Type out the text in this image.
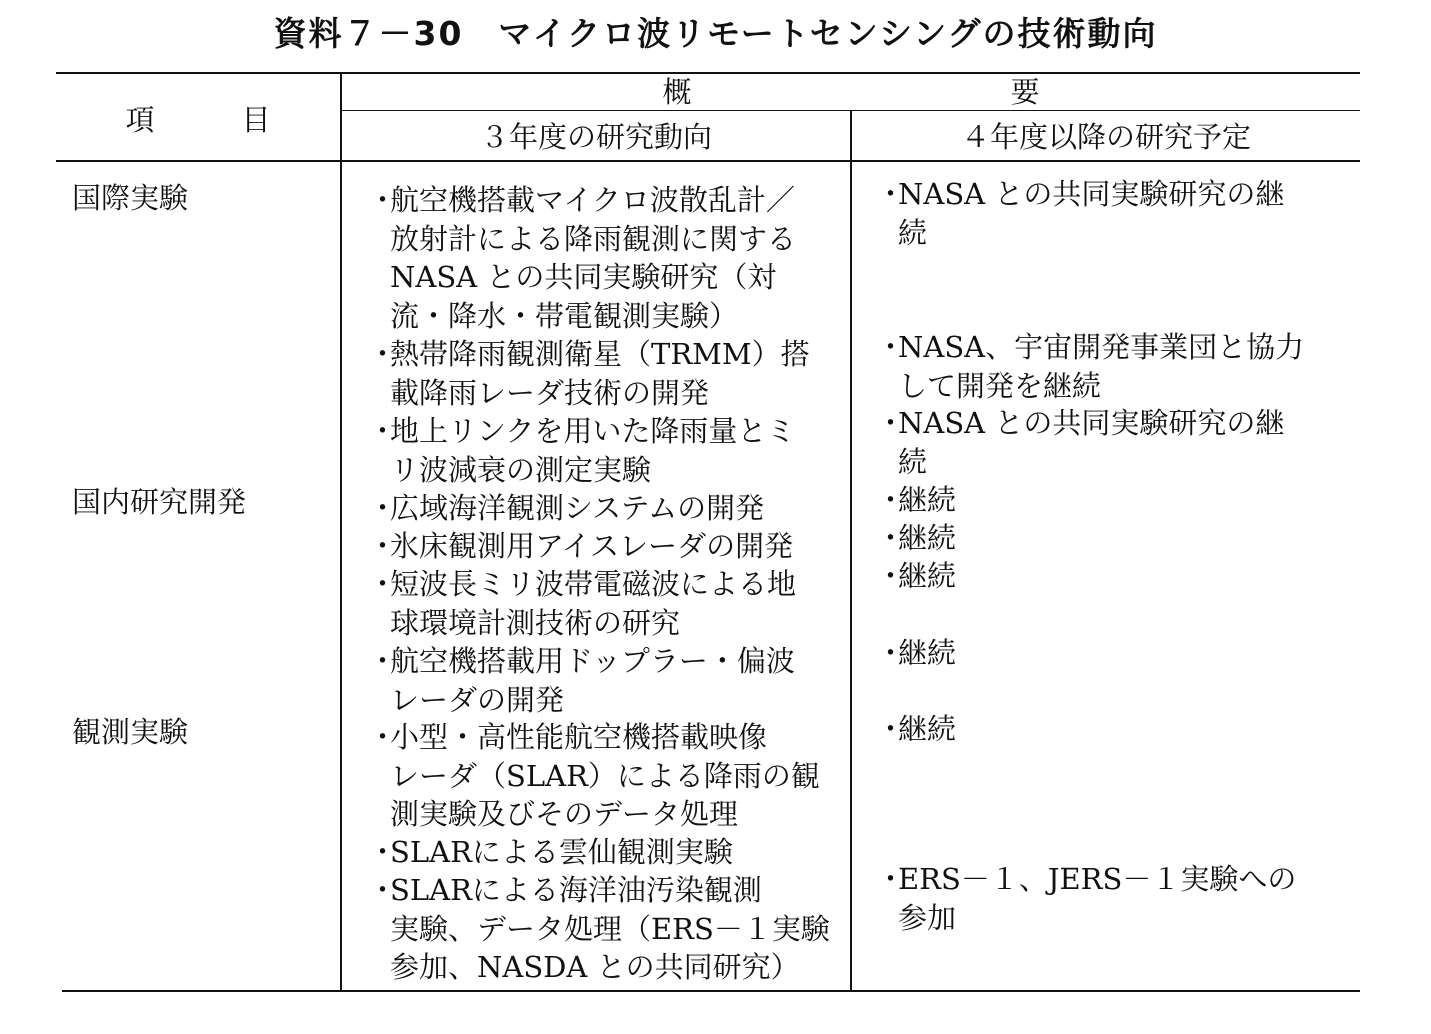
資料７－30　マイクロ波リモートセンシングの技術動向
項　　　目
概　　　　　　　　　　　要
３年度の研究動向	４年度以降の研究予定
国際実験
国内研究開発
観測実験
・
航空機搭載マイクロ波散乱計／
放射計による降雨観測に関する
NASA との共同実験研究（対
流・降水・帯電観測実験）
・
熱帯降雨観測衛星（TRMM）搭
載降雨レーダ技術の開発
・
地上リンクを用いた降雨量とミ
リ波減衰の測定実験
・
広域海洋観測システムの開発
・
氷床観測用アイスレーダの開発
・
短波長ミリ波帯電磁波による地
球環境計測技術の研究
・
航空機搭載用ドップラー・偏波
レーダの開発
・
小型・高性能航空機搭載映像
レーダ（SLAR）による降雨の観
測実験及びそのデータ処理
・
SLARによる雲仙観測実験
・
SLARによる海洋油汚染観測
実験、データ処理（ERS－１実験
参加、NASDA との共同研究）
・
NASA との共同実験研究の継
続
・
NASA、宇宙開発事業団と協力
して開発を継続
・
NASA との共同実験研究の継
続
・
継続
・
継続
・
継続
・
継続
・
継続
・
ERS－１、JERS－１実験への
参加
